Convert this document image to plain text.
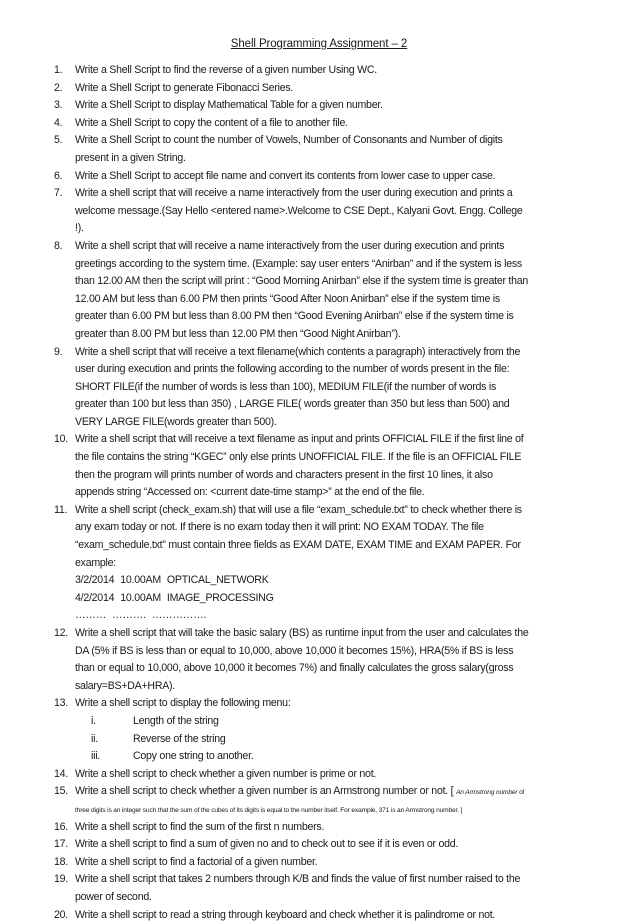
Shell Programming Assignment – 2
1. Write a Shell Script to find the reverse of a given number Using WC.
2. Write a Shell Script to generate Fibonacci Series.
3. Write a Shell Script to display Mathematical Table for a given number.
4. Write a Shell Script to copy the content of a file to another file.
5. Write a Shell Script to count the number of Vowels, Number of Consonants and Number of digits present in a given String.
6. Write a Shell Script to accept file name and convert its contents from lower case to upper case.
7. Write a shell script that will receive a name interactively from the user during execution and prints a welcome message.(Say Hello <entered name>.Welcome to CSE Dept., Kalyani Govt. Engg. College !).
8. Write a shell script that will receive a name interactively from the user during execution and prints greetings according to the system time. (Example: say user enters “Anirban” and if the system is less than 12.00 AM then the script will print : “Good Morning Anirban” else if the system time is greater than 12.00 AM but less than 6.00 PM then prints “Good After Noon Anirban” else if the system time is greater than 6.00 PM but less than 8.00 PM then “Good Evening Anirban” else if the system time is greater than 8.00 PM but less than 12.00 PM then “Good Night Anirban”).
9. Write a shell script that will receive a text filename(which contents a paragraph) interactively from the user during execution and prints the following according to the number of words present in the file: SHORT FILE(if the number of words is less than 100), MEDIUM FILE(if the number of words is greater than 100 but less than 350) , LARGE FILE( words greater than 350 but less than 500) and VERY LARGE FILE(words greater than 500).
10. Write a shell script that will receive a text filename as input and prints OFFICIAL FILE if the first line of the file contains the string “KGEC” only else prints UNOFFICIAL FILE. If the file is an OFFICIAL FILE then the program will prints number of words and characters present in the first 10 lines, it also appends string “Accessed on: <current date-time stamp>” at the end of the file.
11. Write a shell script (check_exam.sh) that will use a file “exam_schedule.txt” to check whether there is any exam today or not. If there is no exam today then it will print: NO EXAM TODAY. The file “exam_schedule.txt” must contain three fields as EXAM DATE, EXAM TIME and EXAM PAPER. For example:
3/2/2014 10.00AM OPTICAL_NETWORK
4/2/2014 10.00AM IMAGE_PROCESSING
……… ………. …………….
12. Write a shell script that will take the basic salary (BS) as runtime input from the user and calculates the DA (5% if BS is less than or equal to 10,000, above 10,000 it becomes 15%), HRA(5% if BS is less than or equal to 10,000, above 10,000 it becomes 7%) and finally calculates the gross salary(gross salary=BS+DA+HRA).
13. Write a shell script to display the following menu:
i.	Length of the string
ii.	Reverse of the string
iii.	Copy one string to another.
14. Write a shell script to check whether a given number is prime or not.
15. Write a shell script to check whether a given number is an Armstrong number or not. [ An Armstrong number of three digits is an integer such that the sum of the cubes of its digits is equal to the number itself. For example, 371 is an Armstrong number. ]
16. Write a shell script to find the sum of the first n numbers.
17. Write a shell script to find a sum of given no and to check out to see if it is even or odd.
18. Write a shell script to find a factorial of a given number.
19. Write a shell script that takes 2 numbers through K/B and finds the value of first number raised to the power of second.
20. Write a shell script to read a string through keyboard and check whether it is palindrome or not.
